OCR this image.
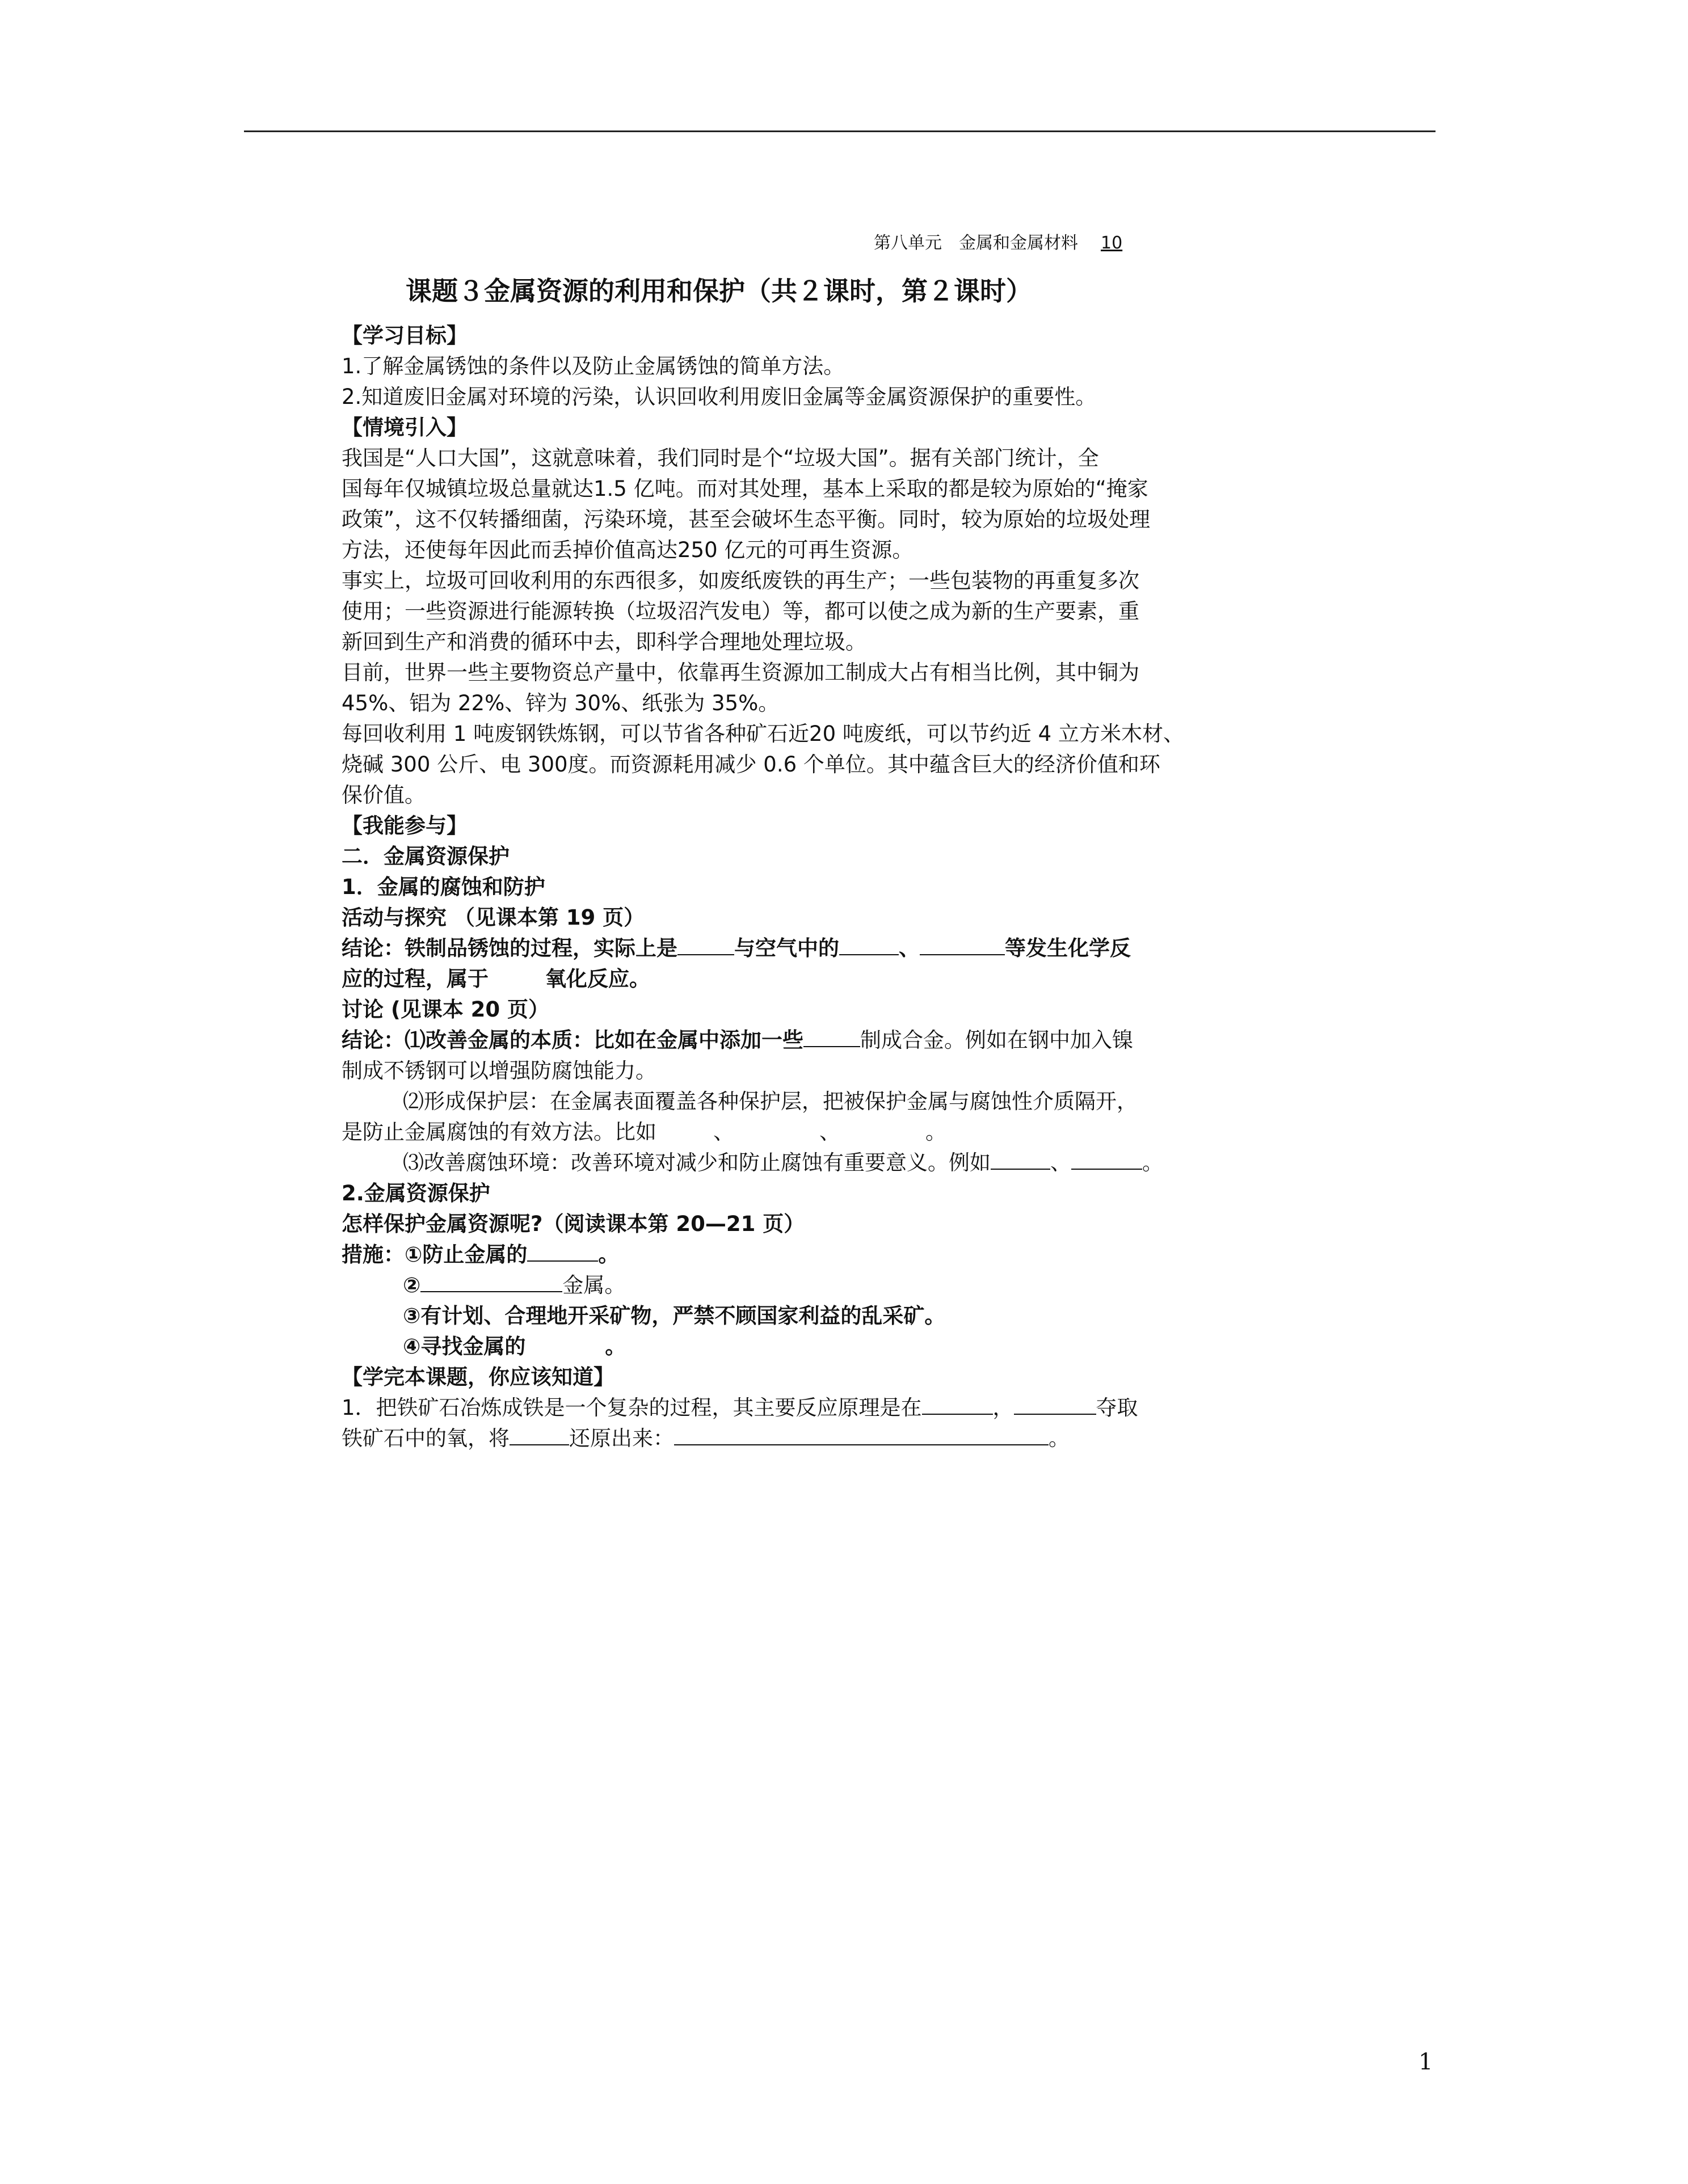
第八单元　金属和金属材料 10
课题３金属资源的利用和保护（共２课时，第２课时）
【学习目标】
1.了解金属锈蚀的条件以及防止金属锈蚀的简单方法。
2.知道废旧金属对环境的污染，认识回收利用废旧金属等金属资源保护的重要性。
【情境引入】
我国是“人口大国”，这就意味着，我们同时是个“垃圾大国”。据有关部门统计，全
国每年仅城镇垃圾总量就达1.5 亿吨。而对其处理，基本上采取的都是较为原始的“掩家
政策”，这不仅转播细菌，污染环境，甚至会破坏生态平衡。同时，较为原始的垃圾处理
方法，还使每年因此而丢掉价值高达250 亿元的可再生资源。
事实上，垃圾可回收利用的东西很多，如废纸废铁的再生产；一些包装物的再重复多次
使用；一些资源进行能源转换（垃圾沼汽发电）等，都可以使之成为新的生产要素，重
新回到生产和消费的循环中去，即科学合理地处理垃圾。
目前，世界一些主要物资总产量中，依靠再生资源加工制成大占有相当比例，其中铜为
45%、铝为 22%、锌为 30%、纸张为 35%。
每回收利用 1 吨废钢铁炼钢，可以节省各种矿石近20 吨废纸，可以节约近 4 立方米木材、
烧碱 300 公斤、电 300度。而资源耗用减少 0.6 个单位。其中蕴含巨大的经济价值和环
保价值。
【我能参与】
二．金属资源保护
1．金属的腐蚀和防护
活动与探究 （见课本第 19 页）
结论：铁制品锈蚀的过程，实际上是	与空气中的	、	等发生化学反
应的过程，属于	氧化反应。
讨论 (见课本 20 页）
结论：⑴改善金属的本质：比如在金属中添加一些	制成合金。例如在钢中加入镍
制成不锈钢可以增强防腐蚀能力。
⑵形成保护层：在金属表面覆盖各种保护层，把被保护金属与腐蚀性介质隔开，
是防止金属腐蚀的有效方法。比如	、	、	。
⑶改善腐蚀环境：改善环境对减少和防止腐蚀有重要意义。例如	、	。
2.金属资源保护
怎样保护金属资源呢?（阅读课本第 20—21 页）
措施：①防止金属的	。
②	金属。
③有计划、合理地开采矿物，严禁不顾国家利益的乱采矿。
④寻找金属的	。
【学完本课题，你应该知道】
1．把铁矿石冶炼成铁是一个复杂的过程，其主要反应原理是在	，	夺取
铁矿石中的氧，将	还原出来：	。
1
